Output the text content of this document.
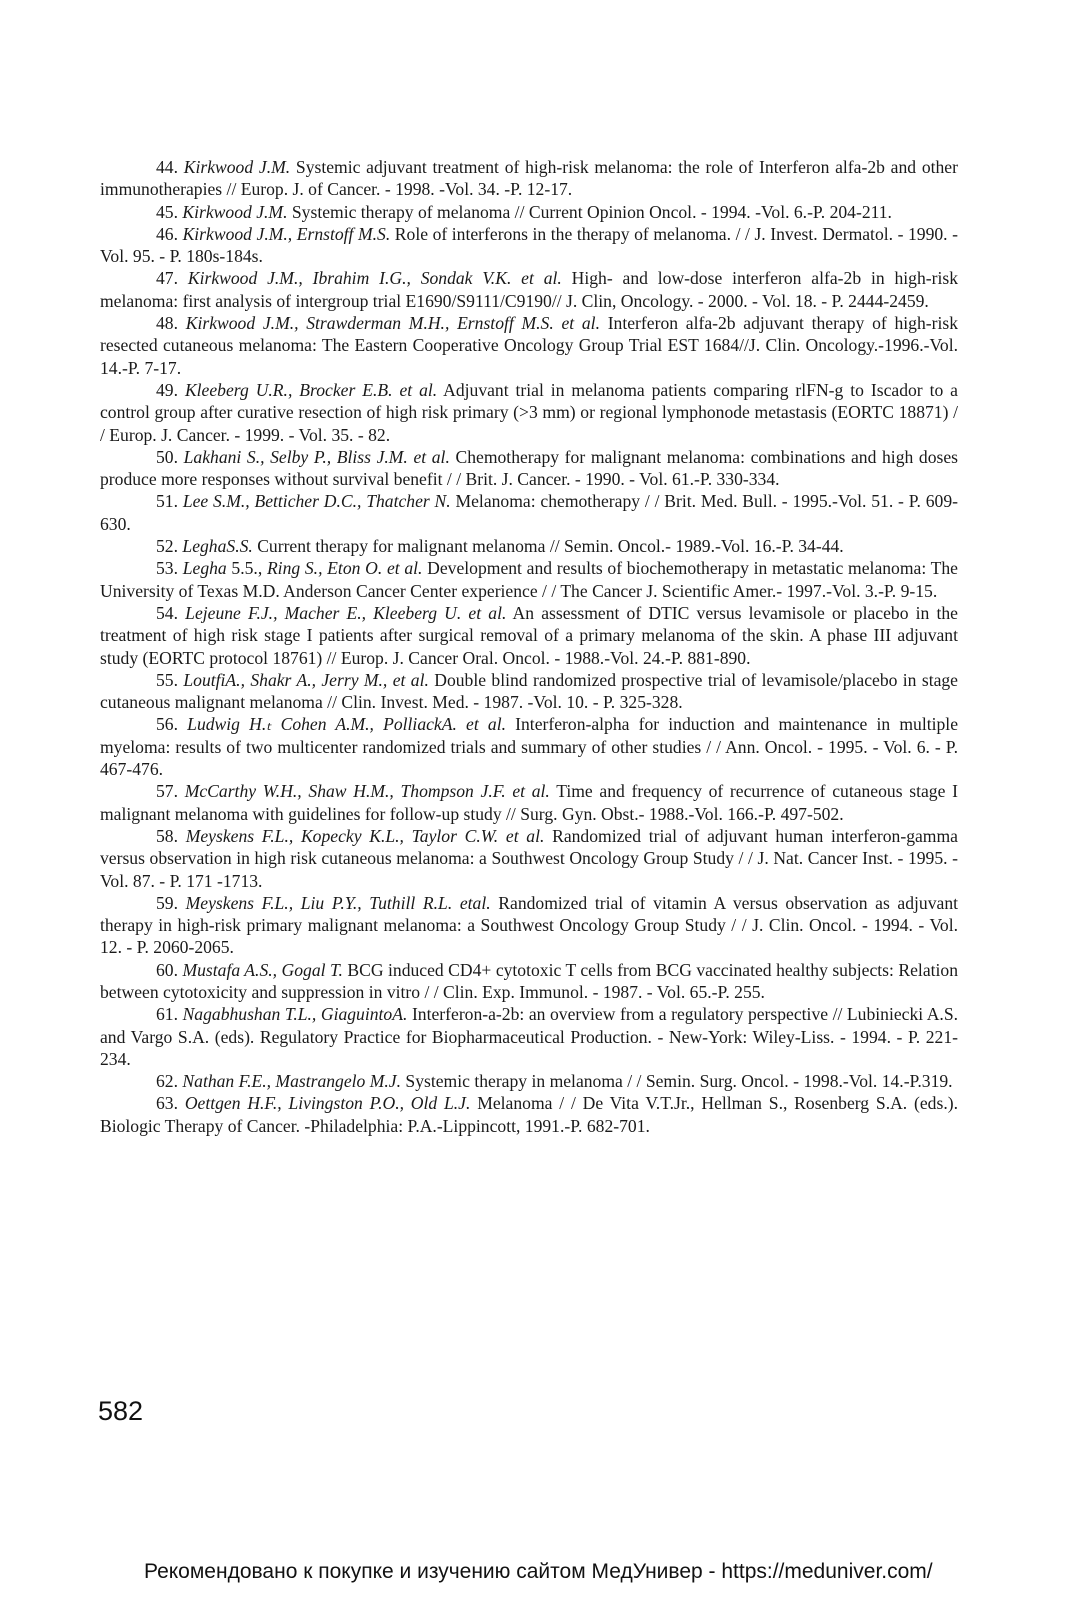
44. Kirkwood J.M. Systemic adjuvant treatment of high-risk melanoma: the role of Interferon alfa-2b and other immunotherapies // Europ. J. of Cancer. - 1998. -Vol. 34. -P. 12-17.

45. Kirkwood J.M. Systemic therapy of melanoma // Current Opinion Oncol. - 1994. -Vol. 6.-P. 204-211.

46. Kirkwood J.M., Ernstoff M.S. Role of interferons in the therapy of melanoma. / / J. Invest. Dermatol. - 1990. -Vol. 95. - P. 180s-184s.

47. Kirkwood J.M., Ibrahim I.G., Sondak V.K. et al. High- and low-dose interferon alfa-2b in high-risk melanoma: first analysis of intergroup trial E1690/S9111/C9190// J. Clin, Oncology. - 2000. - Vol. 18. - P. 2444-2459.

48. Kirkwood J.M., Strawderman M.H., Ernstoff M.S. et al. Interferon alfa-2b adjuvant therapy of high-risk resected cutaneous melanoma: The Eastern Cooperative Oncology Group Trial EST 1684//J. Clin. Oncology.-1996.-Vol. 14.-P. 7-17.

49. Kleeberg U.R., Brocker E.B. et al. Adjuvant trial in melanoma patients comparing rlFN-g to Iscador to a control group after curative resection of high risk primary (>3 mm) or regional lymphonode metastasis (EORTC 18871) / / Europ. J. Cancer. - 1999. - Vol. 35. - 82.

50. Lakhani S., Selby P., Bliss J.M. et al. Chemotherapy for malignant melanoma: combinations and high doses produce more responses without survival benefit / / Brit. J. Cancer. - 1990. - Vol. 61.-P. 330-334.

51. Lee S.M., Betticher D.C., Thatcher N. Melanoma: chemotherapy / / Brit. Med. Bull. - 1995.-Vol. 51. - P. 609-630.

52. LeghaS.S. Current therapy for malignant melanoma // Semin. Oncol.- 1989.-Vol. 16.-P. 34-44.

53. Legha 5.5., Ring S., Eton O. et al. Development and results of biochemotherapy in metastatic melanoma: The University of Texas M.D. Anderson Cancer Center experience / / The Cancer J. Scientific Amer.- 1997.-Vol. 3.-P. 9-15.

54. Lejeune F.J., Macher E., Kleeberg U. et al. An assessment of DTIC versus levamisole or placebo in the treatment of high risk stage I patients after surgical removal of a primary melanoma of the skin. A phase III adjuvant study (EORTC protocol 18761) // Europ. J. Cancer Oral. Oncol. - 1988.-Vol. 24.-P. 881-890.

55. LoutfiA., Shakr A., Jerry M., et al. Double blind randomized prospective trial of levamisole/placebo in stage cutaneous malignant melanoma // Clin. Invest. Med. - 1987. -Vol. 10. - P. 325-328.

56. Ludwig H.ₜ Cohen A.M., PolliackA. et al. Interferon-alpha for induction and maintenance in multiple myeloma: results of two multicenter randomized trials and summary of other studies / / Ann. Oncol. - 1995. - Vol. 6. - P. 467-476.

57. McCarthy W.H., Shaw H.M., Thompson J.F. et al. Time and frequency of recurrence of cutaneous stage I malignant melanoma with guidelines for follow-up study // Surg. Gyn. Obst.- 1988.-Vol. 166.-P. 497-502.

58. Meyskens F.L., Kopecky K.L., Taylor C.W. et al. Randomized trial of adjuvant human interferon-gamma versus observation in high risk cutaneous melanoma: a Southwest Oncology Group Study / / J. Nat. Cancer Inst. - 1995. - Vol. 87. - P. 171 -1713.

59. Meyskens F.L., Liu P.Y., Tuthill R.L. etal. Randomized trial of vitamin A versus observation as adjuvant therapy in high-risk primary malignant melanoma: a Southwest Oncology Group Study / / J. Clin. Oncol. - 1994. - Vol. 12. - P. 2060-2065.

60. Mustafa A.S., Gogal T. BCG induced CD4+ cytotoxic T cells from BCG vaccinated healthy subjects: Relation between cytotoxicity and suppression in vitro / / Clin. Exp. Immunol. - 1987. - Vol. 65.-P. 255.

61. Nagabhushan T.L., GiaguintoA. Interferon-a-2b: an overview from a regulatory perspective // Lubiniecki A.S. and Vargo S.A. (eds). Regulatory Practice for Biopharmaceutical Production. - New-York: Wiley-Liss. - 1994. - P. 221-234.

62. Nathan F.E., Mastrangelo M.J. Systemic therapy in melanoma / / Semin. Surg. Oncol. - 1998.-Vol. 14.-P.319.

63. Oettgen H.F., Livingston P.O., Old L.J. Melanoma / / De Vita V.T.Jr., Hellman S., Rosenberg S.A. (eds.). Biologic Therapy of Cancer. -Philadelphia: P.A.-Lippincott, 1991.-P. 682-701.

582
Рекомендовано к покупке и изучению сайтом МедУнивер - https://meduniver.com/
